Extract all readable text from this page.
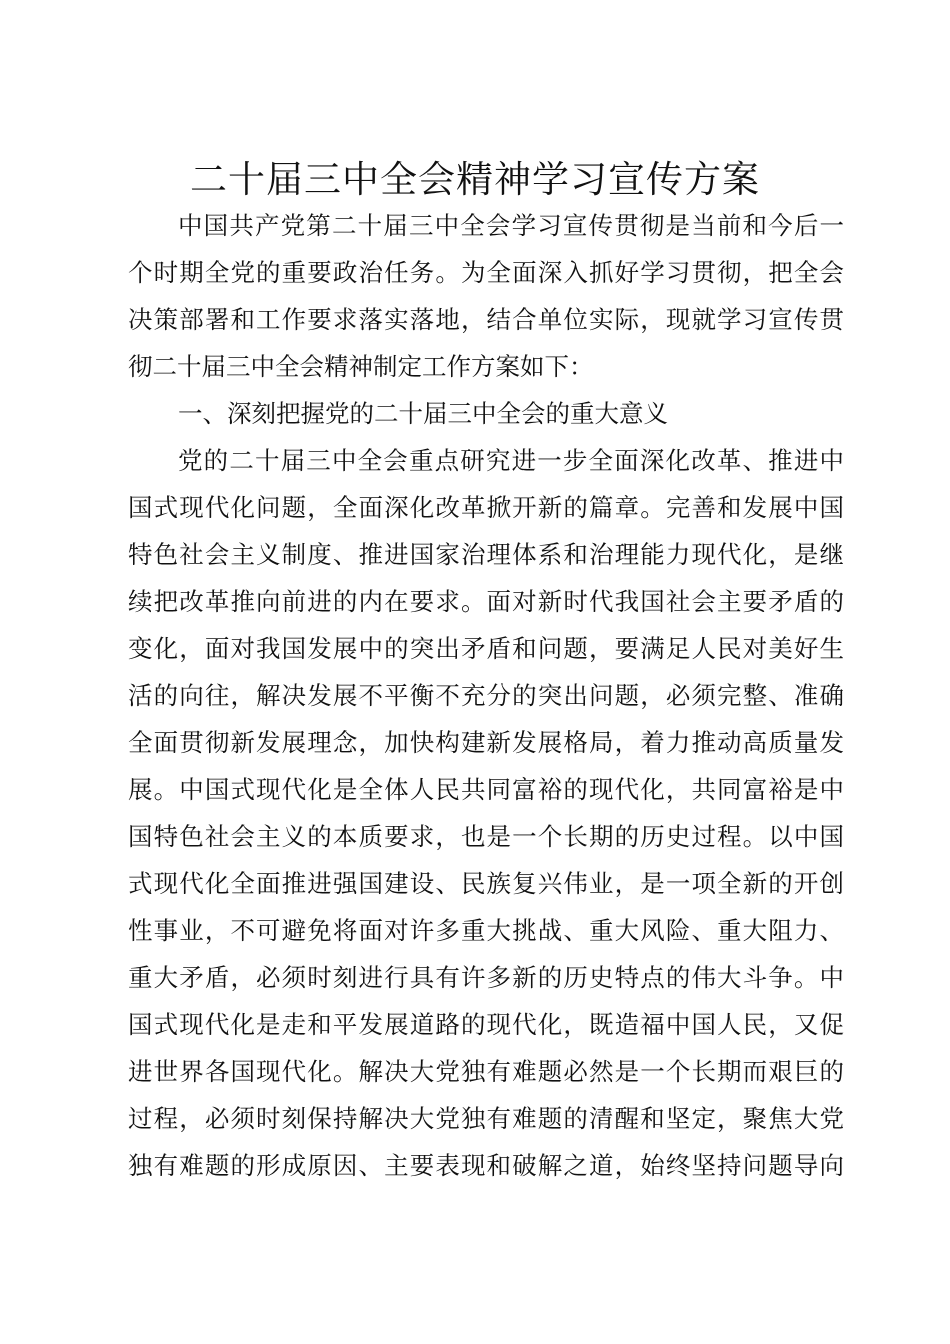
二十届三中全会精神学习宣传方案
中国共产党第二十届三中全会学习宣传贯彻是当前和今后一
个时期全党的重要政治任务。为全面深入抓好学习贯彻，把全会
决策部署和工作要求落实落地，结合单位实际，现就学习宣传贯
彻二十届三中全会精神制定工作方案如下：
一、深刻把握党的二十届三中全会的重大意义
党的二十届三中全会重点研究进一步全面深化改革、推进中
国式现代化问题，全面深化改革掀开新的篇章。完善和发展中国
特色社会主义制度、推进国家治理体系和治理能力现代化，是继
续把改革推向前进的内在要求。面对新时代我国社会主要矛盾的
变化，面对我国发展中的突出矛盾和问题，要满足人民对美好生
活的向往，解决发展不平衡不充分的突出问题，必须完整、准确
全面贯彻新发展理念，加快构建新发展格局，着力推动高质量发
展。中国式现代化是全体人民共同富裕的现代化，共同富裕是中
国特色社会主义的本质要求，也是一个长期的历史过程。以中国
式现代化全面推进强国建设、民族复兴伟业，是一项全新的开创
性事业，不可避免将面对许多重大挑战、重大风险、重大阻力、
重大矛盾，必须时刻进行具有许多新的历史特点的伟大斗争。中
国式现代化是走和平发展道路的现代化，既造福中国人民，又促
进世界各国现代化。解决大党独有难题必然是一个长期而艰巨的
过程，必须时刻保持解决大党独有难题的清醒和坚定，聚焦大党
独有难题的形成原因、主要表现和破解之道，始终坚持问题导向
